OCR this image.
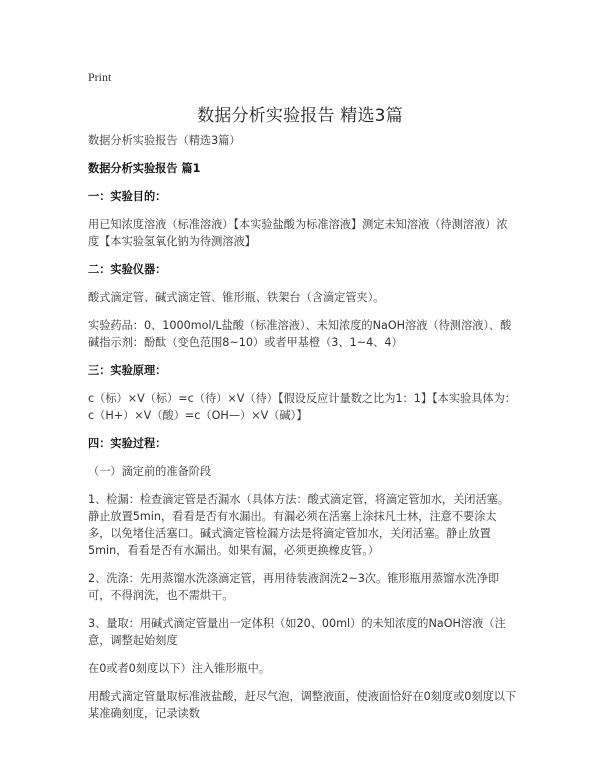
Print
数据分析实验报告 精选3篇

数据分析实验报告（精选3篇）

数据分析实验报告 篇1

一：实验目的：

用已知浓度溶液（标准溶液）【本实验盐酸为标准溶液】测定未知溶液（待测溶液）浓度【本实验氢氧化钠为待测溶液】

二：实验仪器：

酸式滴定管、碱式滴定管、锥形瓶、铁架台（含滴定管夹）。

实验药品：0、1000mol/L盐酸（标准溶液）、未知浓度的NaOH溶液（待测溶液）、酸碱指示剂：酚酞（变色范围8~10）或者甲基橙（3、1~4、4）

三：实验原理：

c（标）×V（标）=c（待）×V（待）【假设反应计量数之比为1：1】【本实验具体为：c（H+）×V（酸）=c（OH—）×V（碱）】

四：实验过程：

（一）滴定前的准备阶段

1、检漏：检查滴定管是否漏水（具体方法：酸式滴定管，将滴定管加水，关闭活塞。静止放置5min，看看是否有水漏出。有漏必须在活塞上涂抹凡士林，注意不要涂太多，以免堵住活塞口。碱式滴定管检漏方法是将滴定管加水，关闭活塞。静止放置5min，看看是否有水漏出。如果有漏，必须更换橡皮管。）

2、洗涤：先用蒸馏水洗涤滴定管，再用待装液润洗2~3次。锥形瓶用蒸馏水洗净即可，不得润洗，也不需烘干。

3、量取：用碱式滴定管量出一定体积（如20、00ml）的未知浓度的NaOH溶液（注意，调整起始刻度

在0或者0刻度以下）注入锥形瓶中。

用酸式滴定管量取标准液盐酸，赶尽气泡，调整液面，使液面恰好在0刻度或0刻度以下某准确刻度，记录读数
